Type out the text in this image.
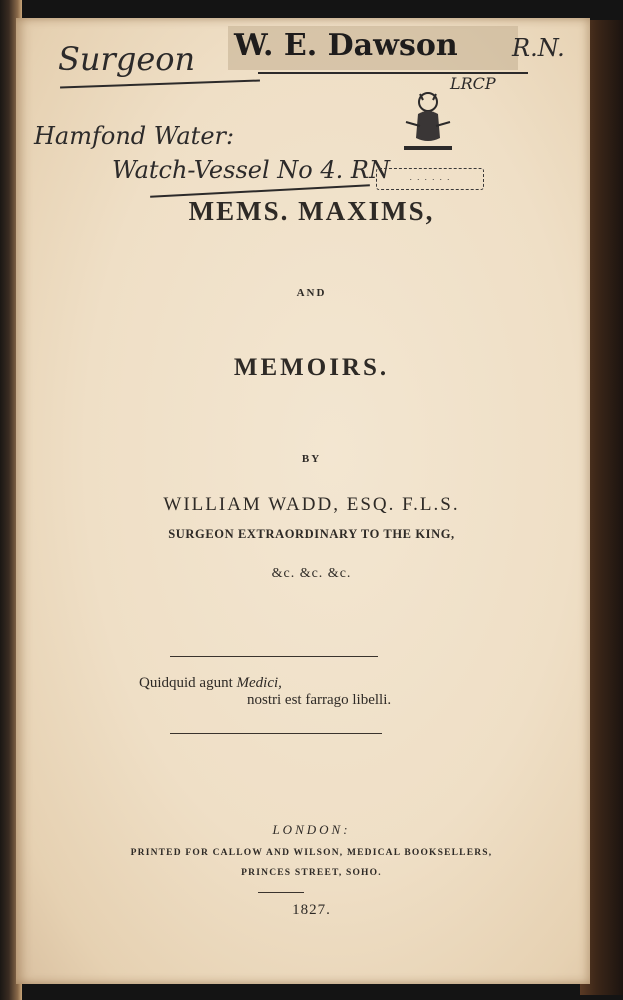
Surgeon W. E. Dawson R.N.
LRCP
Hamfond Water:
Watch-Vessel No 4. RN	· · · · · ·
MEMS. MAXIMS,
AND
MEMOIRS.
BY
WILLIAM WADD, ESQ. F.L.S.
SURGEON EXTRAORDINARY TO THE KING,
&c. &c. &c.
Quidquid agunt Medici,
nostri est farrago libelli.
LONDON:
PRINTED FOR CALLOW AND WILSON, MEDICAL BOOKSELLERS,
PRINCES STREET, SOHO.
1827.
